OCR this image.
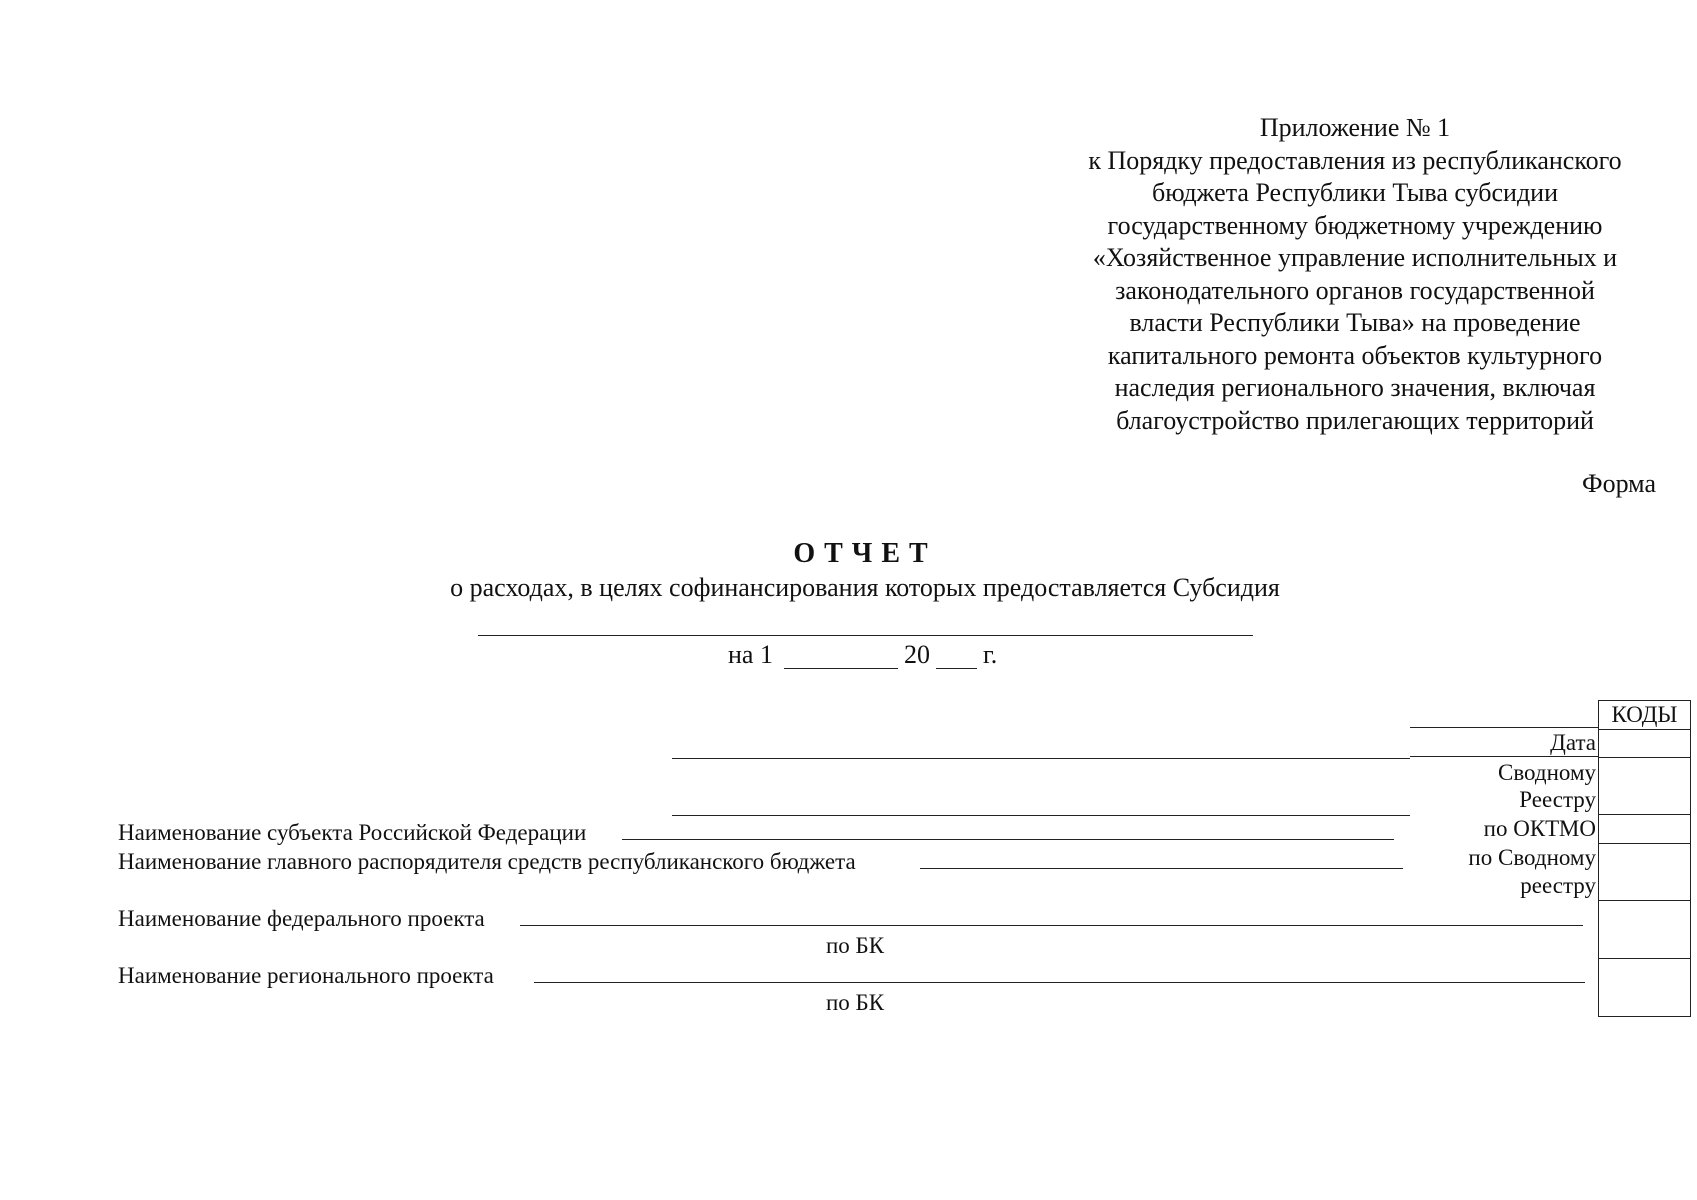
Приложение № 1
к Порядку предоставления из республиканского
бюджета Республики Тыва субсидии
государственному бюджетному учреждению
«Хозяйственное управление исполнительных и
законодательного органов государственной
власти Республики Тыва» на проведение
капитального ремонта объектов культурного
наследия регионального значения, включая
благоустройство прилегающих территорий
Форма
ОТЧЕТ
о расходах, в целях софинансирования которых предоставляется Субсидия
на 1	20 г.
КОДЫ
Дата
Сводному
Реестру
по ОКТМО
по Сводному
реестру
Наименование субъекта Российской Федерации
Наименование главного распорядителя средств республиканского бюджета
Наименование федерального проекта
по БК
Наименование регионального проекта
по БК
